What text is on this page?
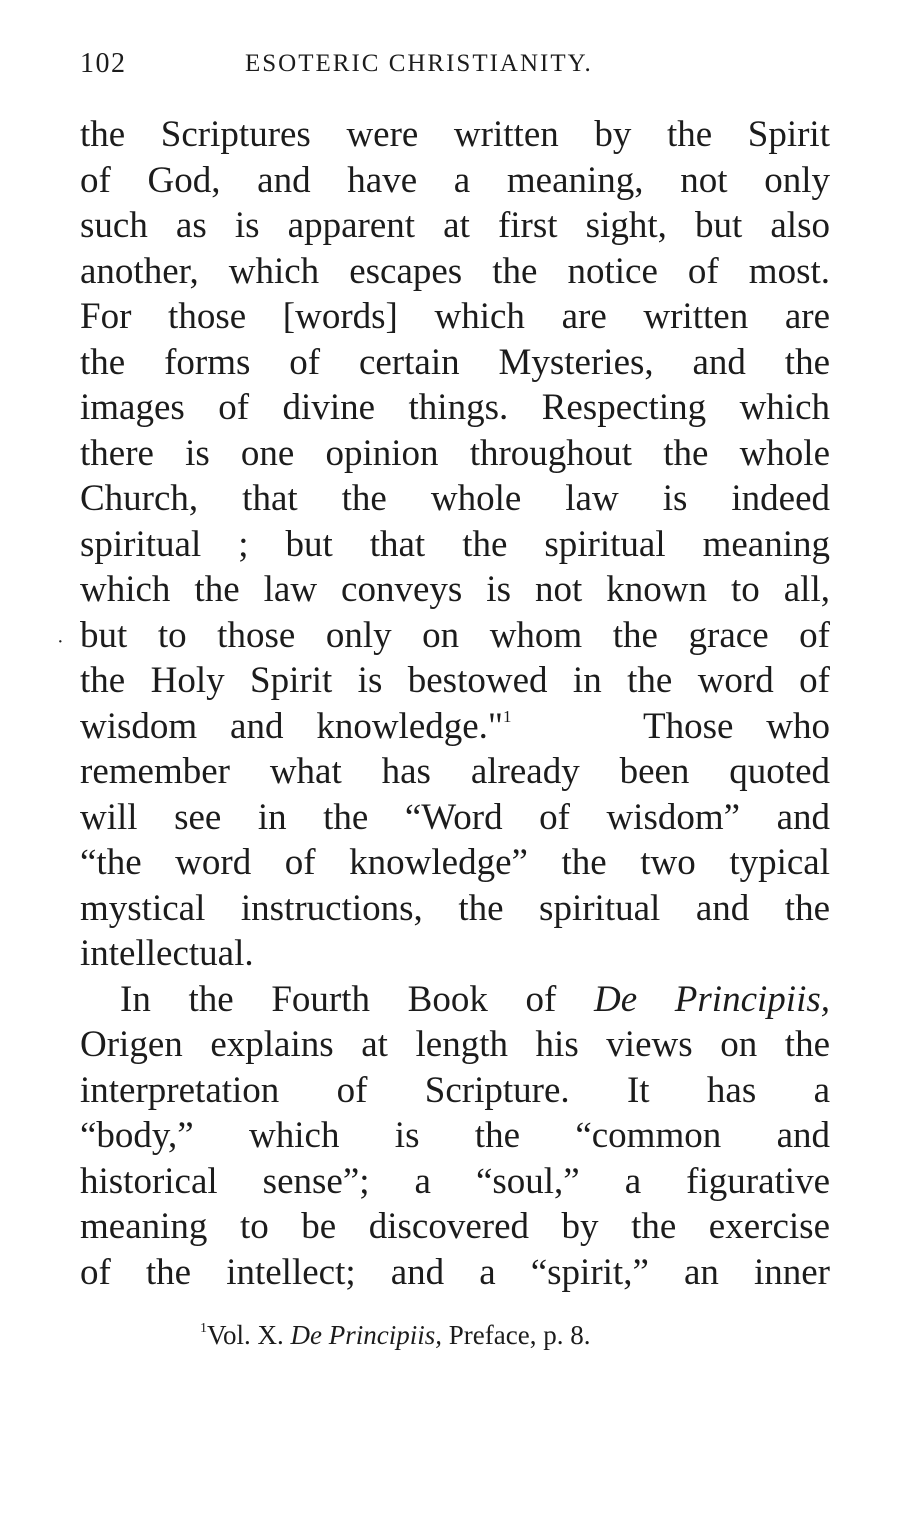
102	ESOTERIC CHRISTIANITY.
·
the Scriptures were written by the Spirit
of God, and have a meaning, not only
such as is apparent at first sight, but also
another, which escapes the notice of most.
For those [words] which are written are
the forms of certain Mysteries, and the
images of divine things. Respecting which
there is one opinion throughout the whole
Church, that the whole law is indeed
spiritual ; but that the spiritual meaning
which the law conveys is not known to all,
but to those only on whom the grace of
the Holy Spirit is bestowed in the word of
wisdom and knowledge."$^1$	Those who
remember what has already been quoted
will see in the “Word of wisdom” and
“the word of knowledge” the two typical
mystical instructions, the spiritual and the
intellectual.
In the Fourth Book of De Principiis,
Origen explains at length his views on the
interpretation of Scripture. It has a
“body,” which is the “common and
historical sense”; a “soul,” a figurative
meaning to be discovered by the exercise
of the intellect; and a “spirit,” an inner
$^1$Vol. X. De Principiis, Preface, p. 8.
